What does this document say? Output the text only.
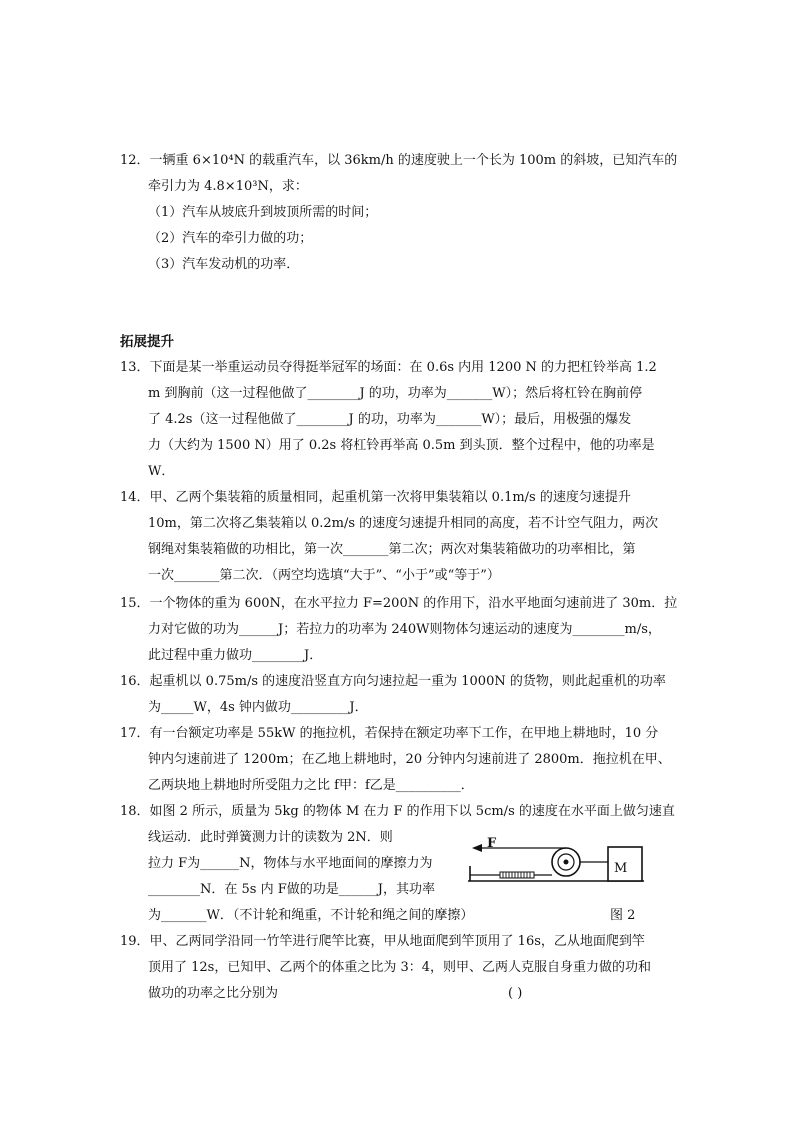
12．一辆重 6×10⁴N 的载重汽车，以 36km/h 的速度驶上一个长为 100m 的斜坡，已知汽车的
牵引力为 4.8×10³N，求：
（1）汽车从坡底升到坡顶所需的时间；
（2）汽车的牵引力做的功；
（3）汽车发动机的功率．
拓展提升
13．下面是某一举重运动员夺得挺举冠军的场面：在 0.6s 内用 1200 N 的力把杠铃举高 1.2
m 到胸前（这一过程他做了________J 的功，功率为_______W）；然后将杠铃在胸前停
了 4.2s（这一过程他做了________J 的功，功率为_______W）；最后，用极强的爆发
力（大约为 1500 N）用了 0.2s 将杠铃再举高 0.5m 到头顶．整个过程中，他的功率是
W．
14．甲、乙两个集装箱的质量相同，起重机第一次将甲集装箱以 0.1m/s 的速度匀速提升
10m，第二次将乙集装箱以 0.2m/s 的速度匀速提升相同的高度，若不计空气阻力，两次
钢绳对集装箱做的功相比，第一次_______第二次；两次对集装箱做功的功率相比，第
一次_______第二次．（两空均选填“大于”、“小于”或“等于”）
15．一个物体的重为 600N，在水平拉力 F=200N 的作用下，沿水平地面匀速前进了 30m．拉
力对它做的功为______J；若拉力的功率为 240W则物体匀速运动的速度为________m/s，
此过程中重力做功________J．
16．起重机以 0.75m/s 的速度沿竖直方向匀速拉起一重为 1000N 的货物，则此起重机的功率
为_____W，4s 钟内做功_________J．
17．有一台额定功率是 55kW 的拖拉机，若保持在额定功率下工作，在甲地上耕地时，10 分
钟内匀速前进了 1200m；在乙地上耕地时，20 分钟内匀速前进了 2800m．拖拉机在甲、
乙两块地上耕地时所受阻力之比 f甲：f乙是__________．
18．如图 2 所示，质量为 5kg 的物体 M 在力 F 的作用下以 5cm/s 的速度在水平面上做匀速直
线运动．此时弹簧测力计的读数为 2N．则
拉力 F为______N，物体与水平地面间的摩擦力为
________N．在 5s 内 F做的功是______J，其功率
为_______W．（不计轮和绳重，不计轮和绳之间的摩擦）
F
M
图 2
19．甲、乙两同学沿同一竹竿进行爬竿比赛，甲从地面爬到竿顶用了 16s，乙从地面爬到竿
顶用了 12s，已知甲、乙两个的体重之比为 3：4，则甲、乙两人克服自身重力做的功和
做功的功率之比分别为	( )
